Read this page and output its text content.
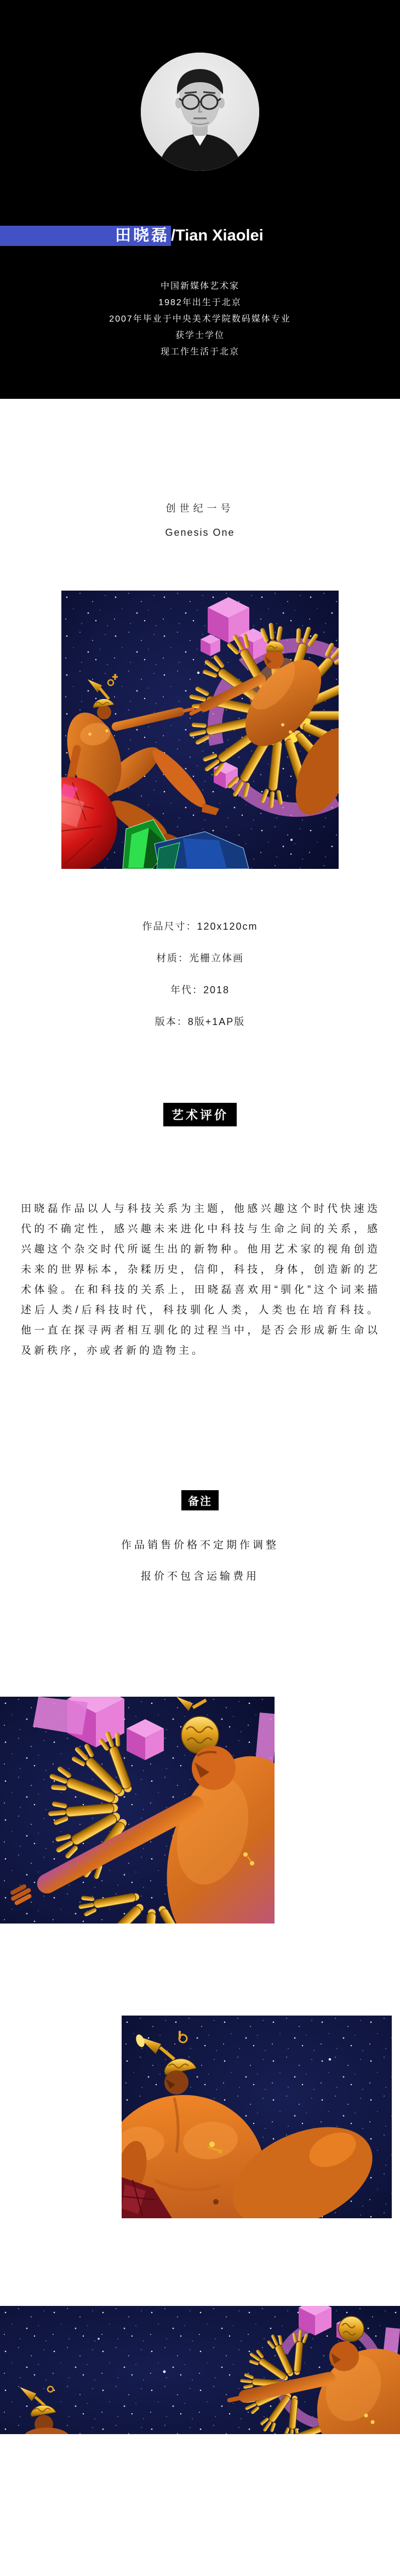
田晓磊 /Tian Xiaolei
中国新媒体艺术家
1982年出生于北京
2007年毕业于中央美术学院数码媒体专业
获学士学位
现工作生活于北京
创世纪一号
Genesis One
作品尺寸：120x120cm
材质：光栅立体画
年代：2018
版本：8版+1AP版
艺术评价
田晓磊作品以人与科技关系为主题，他感兴趣这个时代快速迭代的不确定性，感兴趣未来进化中科技与生命之间的关系，感兴趣这个杂交时代所诞生出的新物种。他用艺术家的视角创造未来的世界标本，杂糅历史，信仰，科技，身体，创造新的艺术体验。在和科技的关系上，田晓磊喜欢用“驯化”这个词来描述后人类/后科技时代，科技驯化人类，人类也在培育科技。他一直在探寻两者相互驯化的过程当中，是否会形成新生命以及新秩序，亦或者新的造物主。
备注
作品销售价格不定期作调整
报价不包含运输费用
